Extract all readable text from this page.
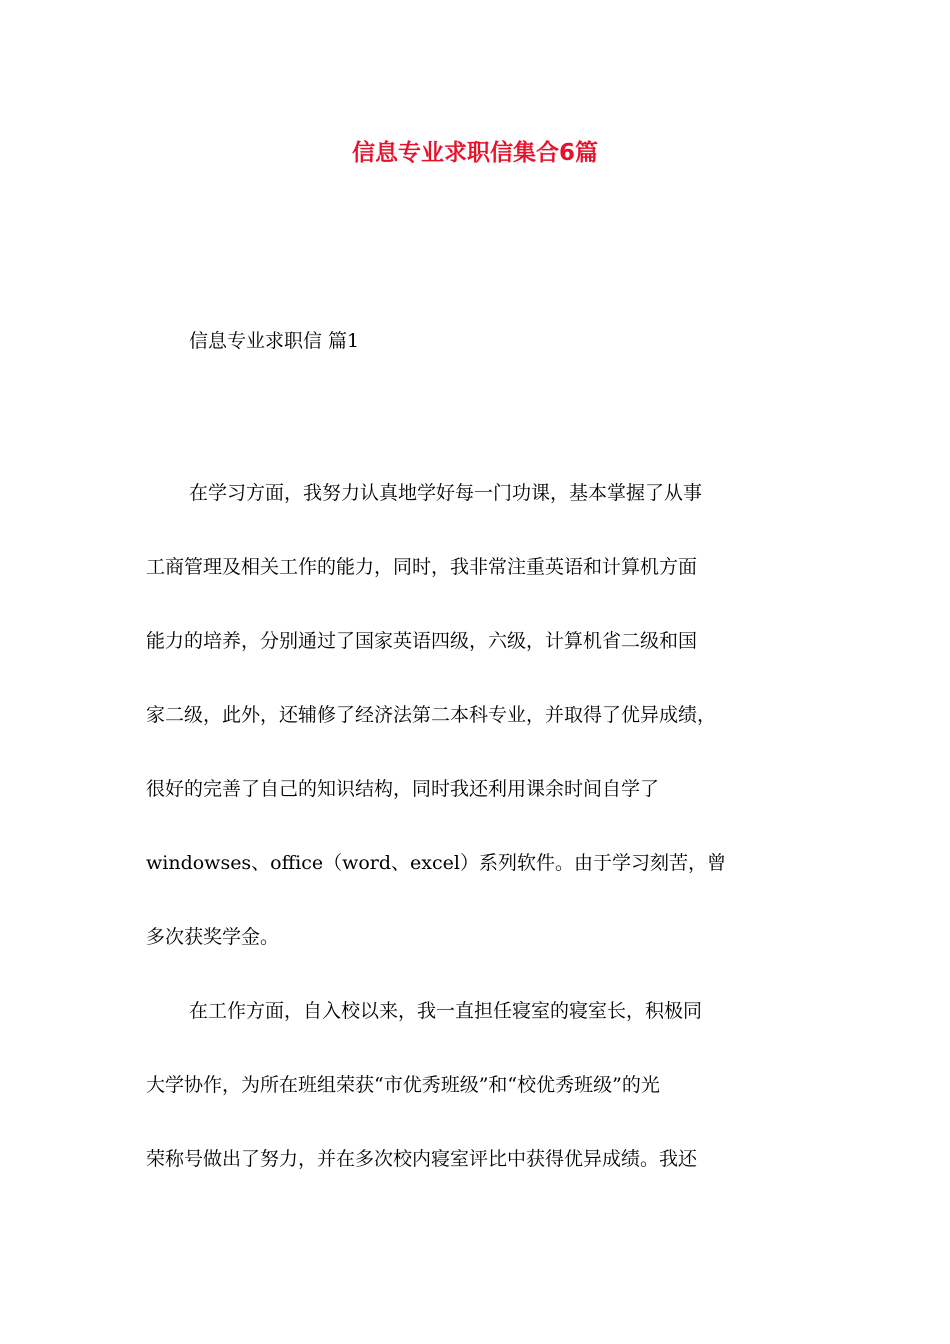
信息专业求职信集合6篇

信息专业求职信 篇1

在学习方面，我努力认真地学好每一门功课，基本掌握了从事

工商管理及相关工作的能力，同时，我非常注重英语和计算机方面

能力的培养，分别通过了国家英语四级，六级，计算机省二级和国

家二级，此外，还辅修了经济法第二本科专业，并取得了优异成绩，

很好的完善了自己的知识结构，同时我还利用课余时间自学了

windowses、office（word、excel）系列软件。由于学习刻苦，曾

多次获奖学金。

在工作方面，自入校以来，我一直担任寝室的寝室长，积极同

大学协作，为所在班组荣获“市优秀班级”和“校优秀班级”的光

荣称号做出了努力，并在多次校内寝室评比中获得优异成绩。我还
